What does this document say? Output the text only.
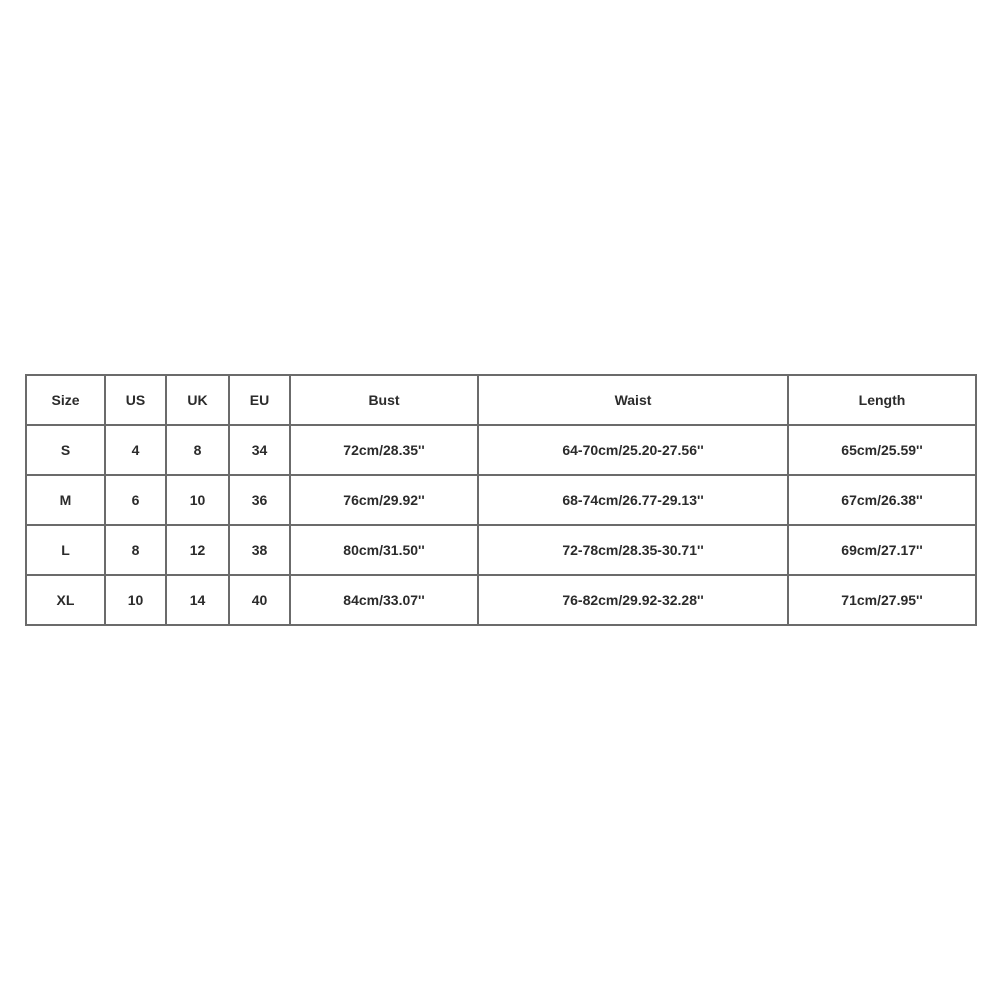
Size	US	UK	EU	Bust	Waist	Length
S	4	8	34	72cm/28.35''	64-70cm/25.20-27.56''	65cm/25.59''
M	6	10	36	76cm/29.92''	68-74cm/26.77-29.13''	67cm/26.38''
L	8	12	38	80cm/31.50''	72-78cm/28.35-30.71''	69cm/27.17''
XL	10	14	40	84cm/33.07''	76-82cm/29.92-32.28''	71cm/27.95''
